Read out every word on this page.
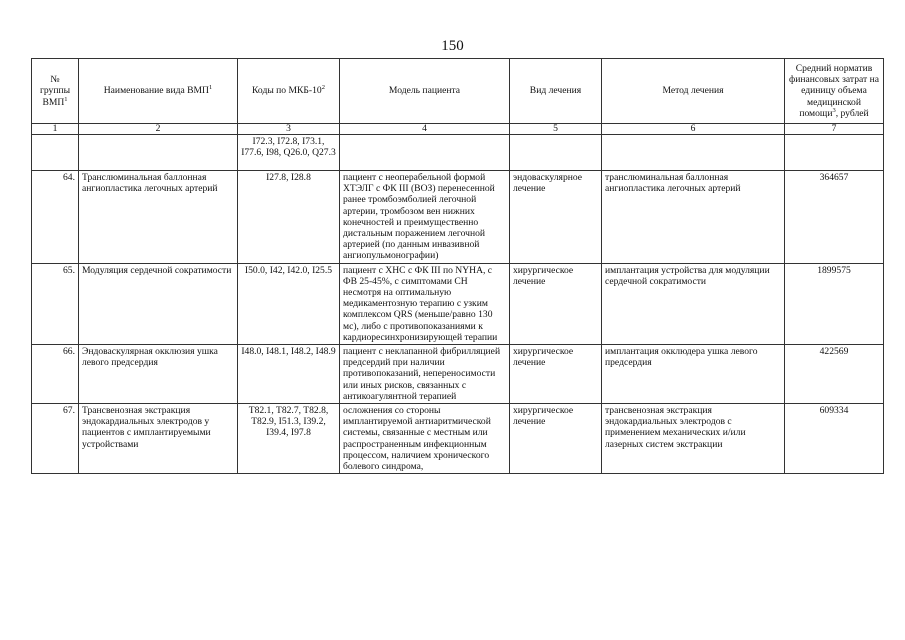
150
№ группы ВМП$^1$	Наименование вида ВМП$^1$	Коды по МКБ-$10^2$	Модель пациента	Вид лечения	Метод лечения	Средний норматив финансовых затрат на единицу объема медицинской помощи$^3$, рублей
1	2	3	4	5	6	7
		I72.3, I72.8, I73.1, I77.6, I98, Q26.0, Q27.3				
64.	Транслюминальная баллонная ангиопластика легочных артерий	I27.8, I28.8	пациент с неоперабельной формой ХТЭЛГ с ФК III (ВОЗ) перенесенной ранее тромбоэмболией легочной артерии, тромбозом вен нижних конечностей и преимущественно дистальным поражением легочной артерией (по данным инвазивной ангиопульмонографии)	эндоваскулярное лечение	транслюминальная баллонная ангиопластика легочных артерий	364657
65.	Модуляция сердечной сократимости	I50.0, I42, I42.0, I25.5	пациент с ХНС с ФК III по NYHA, с ФВ 25-45%, с симптомами СН несмотря на оптимальную медикаментозную терапию с узким комплексом QRS (меньше/равно 130 мс), либо с противопоказаниями к кардиоресинхронизирующей терапии	хирургическое лечение	имплантация устройства для модуляции сердечной сократимости	1899575
66.	Эндоваскулярная окклюзия ушка левого предсердия	I48.0, I48.1, I48.2, I48.9	пациент с неклапанной фибрилляцией предсердий при наличии противопоказаний, непереносимости или иных рисков, связанных с антикоагулянтной терапией	хирургическое лечение	имплантация окклюдера ушка левого предсердия	422569
67.	Трансвенозная экстракция эндокардиальных электродов у пациентов с имплантируемыми устройствами	T82.1, T82.7, T82.8, T82.9, I51.3, I39.2, I39.4, I97.8	осложнения со стороны имплантируемой антиаритмической системы, связанные с местным или распространенным инфекционным процессом, наличием хронического болевого синдрома,	хирургическое лечение	трансвенозная экстракция эндокардиальных электродов с применением механических и/или лазерных систем экстракции	609334
